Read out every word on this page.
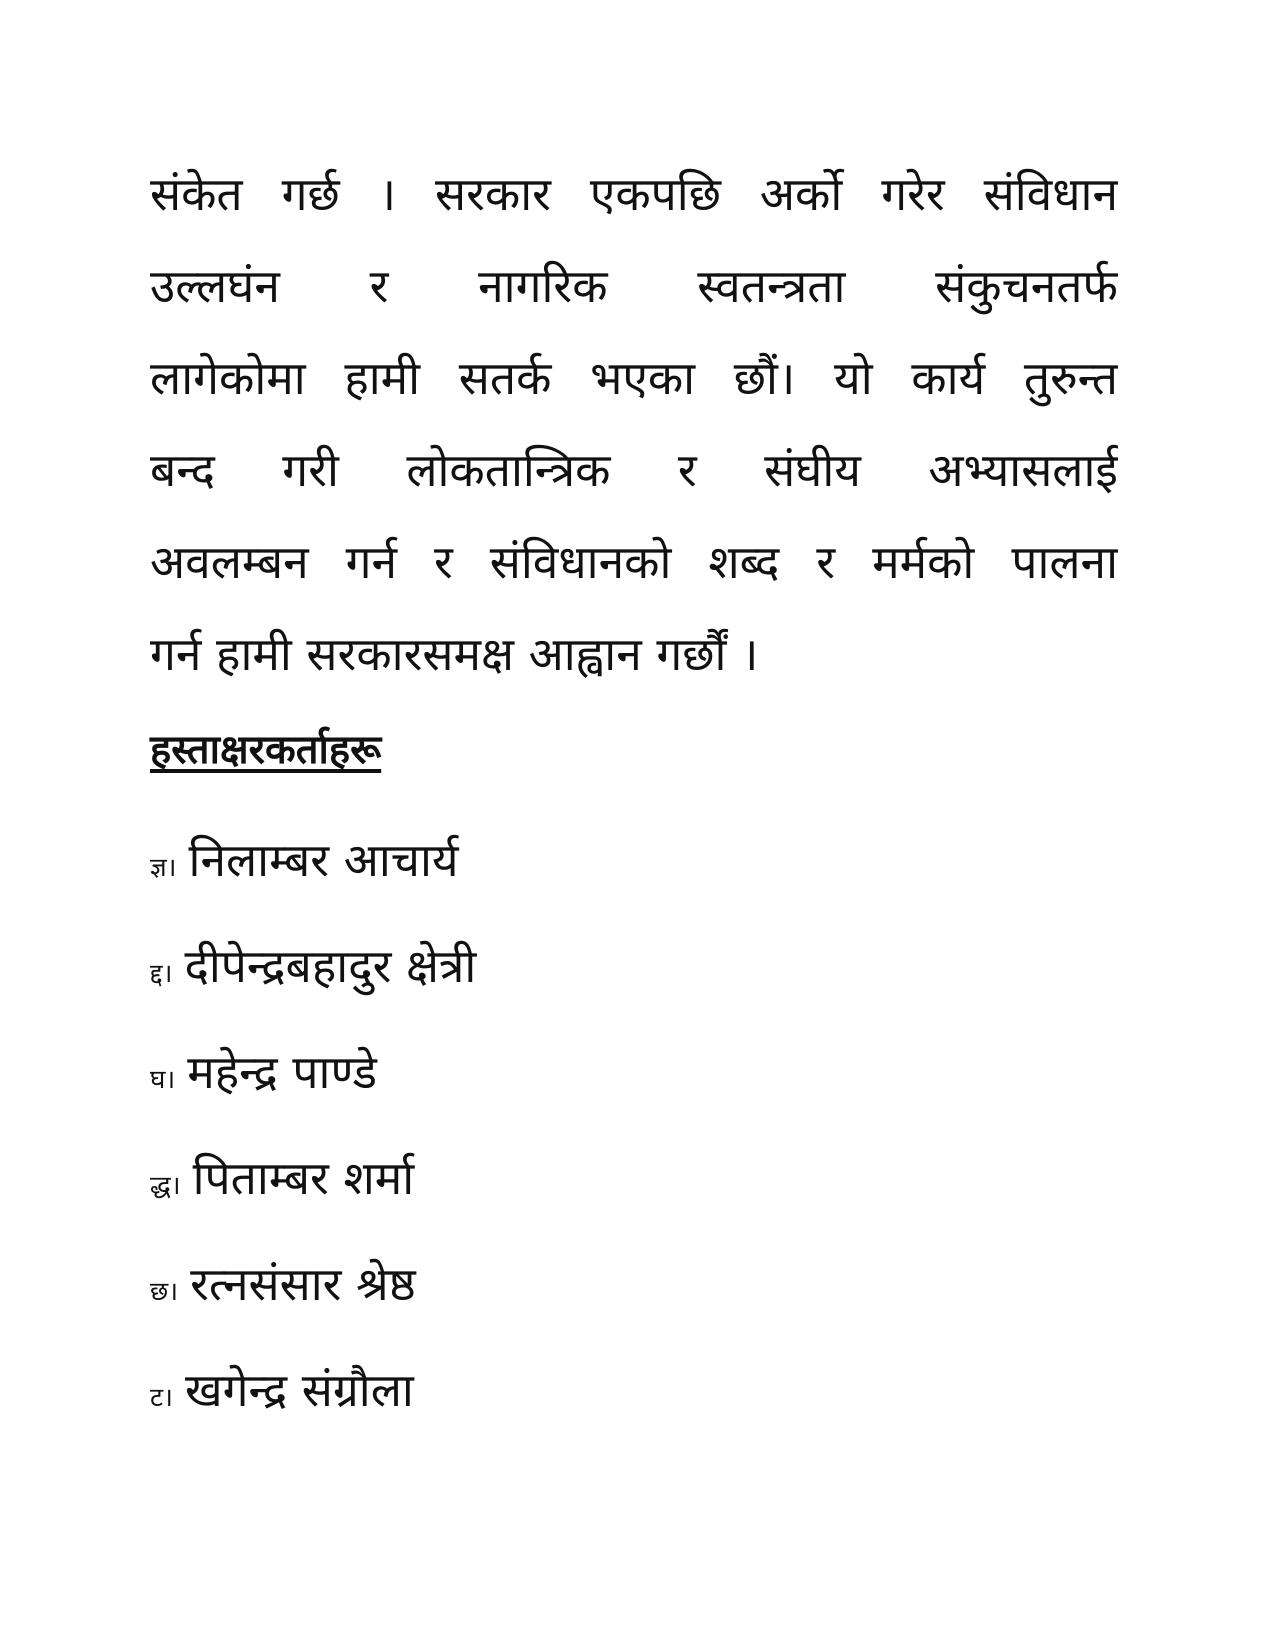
संकेत गर्छ । सरकार एकपछि अर्को गरेर संविधान
उल्लघंन र नागरिक स्वतन्त्रता संकुचनतर्फ
लागेकोमा हामी सतर्क भएका छौं। यो कार्य तुरुन्त
बन्द गरी लोकतान्त्रिक र संघीय अभ्यासलाई
अवलम्बन गर्न र संविधानको शब्द र मर्मको पालना
गर्न हामी सरकारसमक्ष आह्वान गर्छौं ।
हस्ताक्षरकर्ताहरू
ज्ञ। निलाम्बर आचार्य
द्द। दीपेन्द्रबहादुर क्षेत्री
घ। महेन्द्र पाण्डे
द्ध। पिताम्बर शर्मा
छ। रत्नसंसार श्रेष्ठ
ट। खगेन्द्र संग्रौला
